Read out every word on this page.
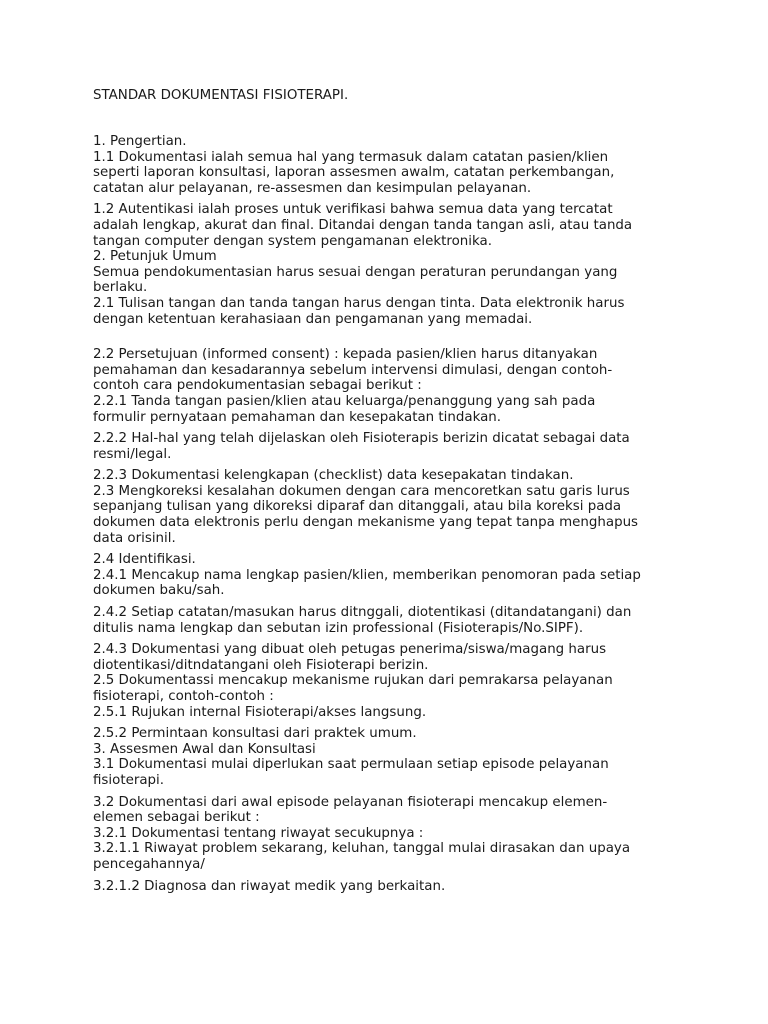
STANDAR DOKUMENTASI FISIOTERAPI.

1. Pengertian.
1.1 Dokumentasi ialah semua hal yang termasuk dalam catatan pasien/klien
seperti laporan konsultasi, laporan assesmen awalm, catatan perkembangan,
catatan alur pelayanan, re-assesmen dan kesimpulan pelayanan.

1.2 Autentikasi ialah proses untuk verifikasi bahwa semua data yang tercatat
adalah lengkap, akurat dan final. Ditandai dengan tanda tangan asli, atau tanda
tangan computer dengan system pengamanan elektronika.
2. Petunjuk Umum
Semua pendokumentasian harus sesuai dengan peraturan perundangan yang
berlaku.
2.1 Tulisan tangan dan tanda tangan harus dengan tinta. Data elektronik harus
dengan ketentuan kerahasiaan dan pengamanan yang memadai.

2.2 Persetujuan (informed consent) : kepada pasien/klien harus ditanyakan
pemahaman dan kesadarannya sebelum intervensi dimulasi, dengan contoh-
contoh cara pendokumentasian sebagai berikut :
2.2.1 Tanda tangan pasien/klien atau keluarga/penanggung yang sah pada
formulir pernyataan pemahaman dan kesepakatan tindakan.

2.2.2 Hal-hal yang telah dijelaskan oleh Fisioterapis berizin dicatat sebagai data
resmi/legal.

2.2.3 Dokumentasi kelengkapan (checklist) data kesepakatan tindakan.
2.3 Mengkoreksi kesalahan dokumen dengan cara mencoretkan satu garis lurus
sepanjang tulisan yang dikoreksi diparaf dan ditanggali, atau bila koreksi pada
dokumen data elektronis perlu dengan mekanisme yang tepat tanpa menghapus
data orisinil.

2.4 Identifikasi.
2.4.1 Mencakup nama lengkap pasien/klien, memberikan penomoran pada setiap
dokumen baku/sah.

2.4.2 Setiap catatan/masukan harus ditnggali, diotentikasi (ditandatangani) dan
ditulis nama lengkap dan sebutan izin professional (Fisioterapis/No.SIPF).

2.4.3 Dokumentasi yang dibuat oleh petugas penerima/siswa/magang harus
diotentikasi/ditndatangani oleh Fisioterapi berizin.
2.5 Dokumentassi mencakup mekanisme rujukan dari pemrakarsa pelayanan
fisioterapi, contoh-contoh :
2.5.1 Rujukan internal Fisioterapi/akses langsung.

2.5.2 Permintaan konsultasi dari praktek umum.
3. Assesmen Awal dan Konsultasi
3.1 Dokumentasi mulai diperlukan saat permulaan setiap episode pelayanan
fisioterapi.

3.2 Dokumentasi dari awal episode pelayanan fisioterapi mencakup elemen-
elemen sebagai berikut :
3.2.1 Dokumentasi tentang riwayat secukupnya :
3.2.1.1 Riwayat problem sekarang, keluhan, tanggal mulai dirasakan dan upaya
pencegahannya/

3.2.1.2 Diagnosa dan riwayat medik yang berkaitan.
